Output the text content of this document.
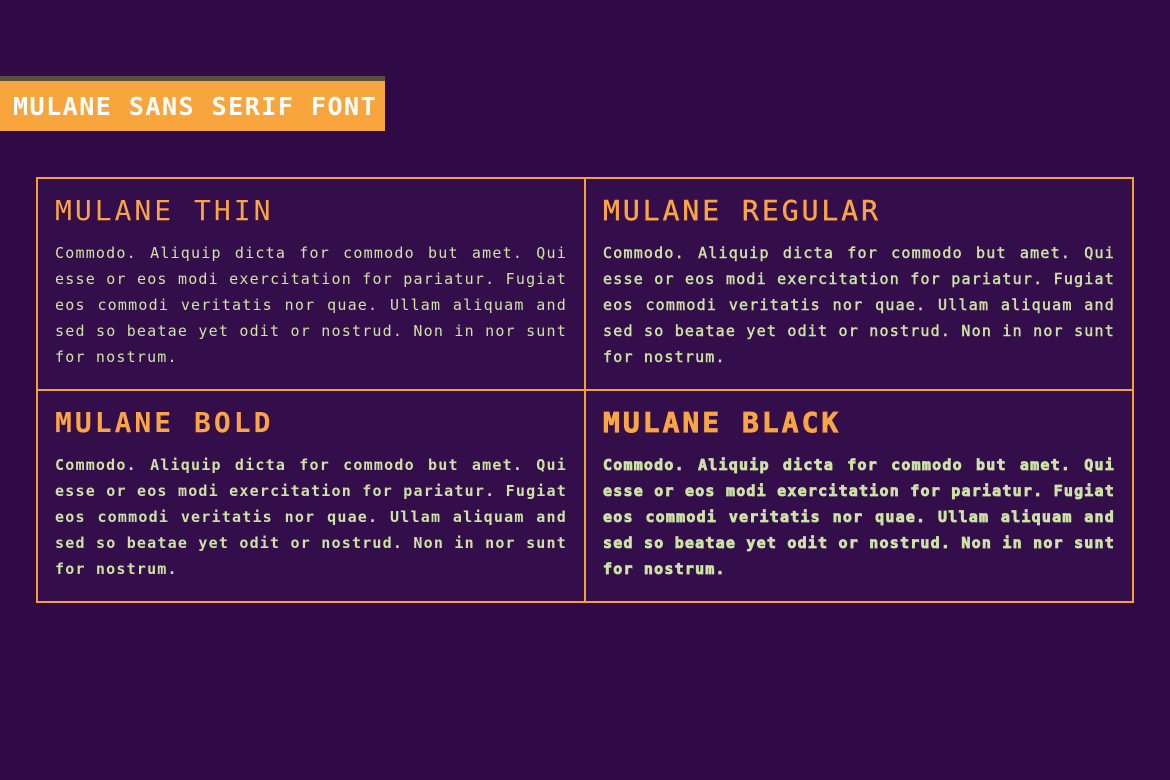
MULANE SANS SERIF FONT
MULANE THIN
Commodo. Aliquip dicta for commodo but amet. Qui esse or eos modi exercitation for pariatur. Fugiat eos commodi veritatis nor quae. Ullam aliquam and sed so beatae yet odit or nostrud. Non in nor sunt for nostrum.
MULANE REGULAR
Commodo. Aliquip dicta for commodo but amet. Qui esse or eos modi exercitation for pariatur. Fugiat eos commodi veritatis nor quae. Ullam aliquam and sed so beatae yet odit or nostrud. Non in nor sunt for nostrum.
MULANE BOLD
Commodo. Aliquip dicta for commodo but amet. Qui esse or eos modi exercitation for pariatur. Fugiat eos commodi veritatis nor quae. Ullam aliquam and sed so beatae yet odit or nostrud. Non in nor sunt for nostrum.
MULANE BLACK
Commodo. Aliquip dicta for commodo but amet. Qui esse or eos modi exercitation for pariatur. Fugiat eos commodi veritatis nor quae. Ullam aliquam and sed so beatae yet odit or nostrud. Non in nor sunt for nostrum.
